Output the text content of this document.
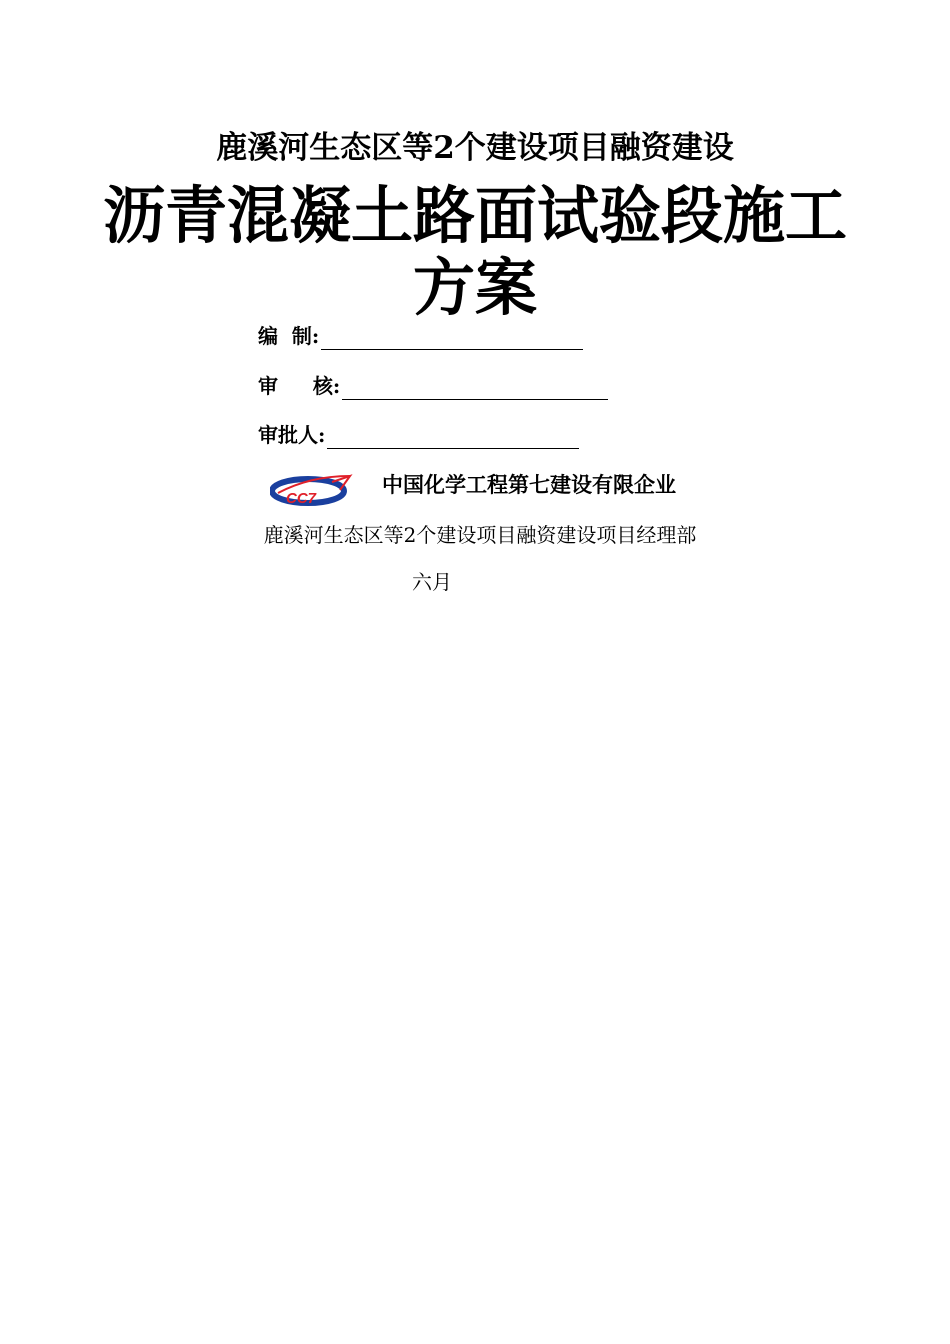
鹿溪河生态区等2个建设项目融资建设
沥青混凝土路面试验段施工方案
编  制:
审     核:
审批人:
CC7
中国化学工程第七建设有限企业
鹿溪河生态区等2个建设项目融资建设项目经理部
六月
